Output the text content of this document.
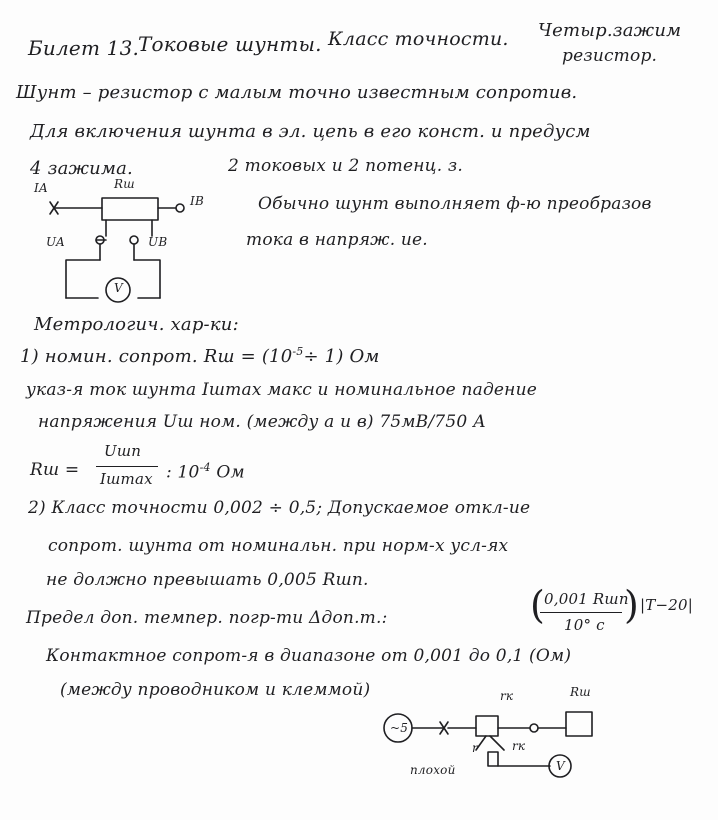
Билет 13.
Токовые шунты. Класс точности. Четыр.зажим
резистор.
Шунт – резистор с малым точно известным сопротив.
Для включения шунта в эл. цепь в его конст. и предусм
4 зажима.	2 токовых и 2 потенц. з.
IA	Rш
IB
UA	UB
V
Обычно шунт выполняет ф-ю преобразов
тока в напряж. ие.
Метрологич. хар-ки:
1) номин. сопрот. Rш = $(10^{-5}\div 1)$ Ом
указ-я ток шунта Iшmax макс и номинальное падение
напряжения Uш ном. (между а и в) 75мВ/750 А
Rш =
Uшп
Iшmax : $10^{-4}$ Ом
2) Класс точности 0,002 ÷ 0,5; Допускаемое откл-ие
сопрот. шунта от номинальн. при норм-х усл-ях
не должно превышать 0,005 Rшп.
Предел доп. темпер. погр-ти Δдоп.т.:	(
0,001 Rшп
10° с ) |T−20|
Контактное сопрот-я в диапазоне от 0,001 до 0,1 (Ом)
(между проводником и клеммой)
~5
rк	Rш
r	rк
плохой	V
